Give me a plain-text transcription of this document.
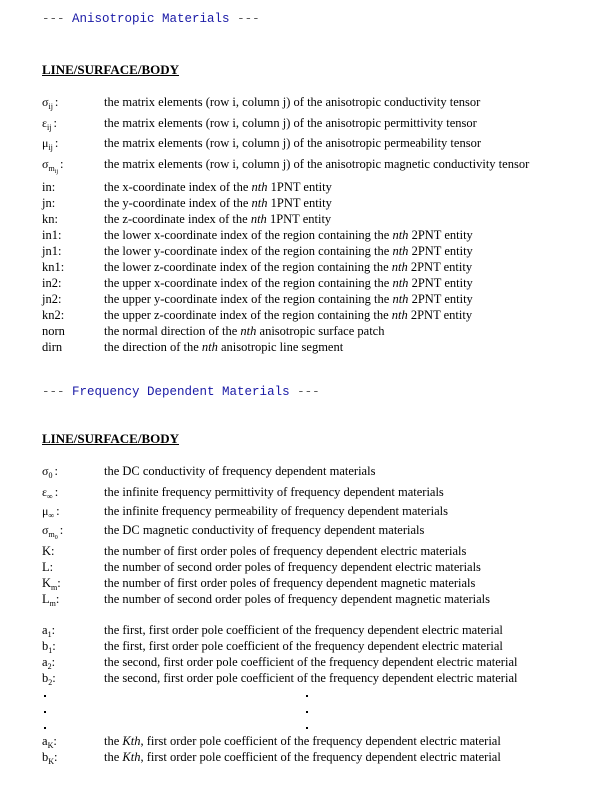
--- Anisotropic Materials ---
LINE/SURFACE/BODY
$\sigma_{ij}$ :	the matrix elements (row i, column j) of the anisotropic conductivity tensor
$\varepsilon_{ij}$ :	the matrix elements (row i, column j) of the anisotropic permittivity tensor
$\mu_{ij}$ :	the matrix elements (row i, column j) of the anisotropic permeability tensor
$\sigma_{m_{ij}}$:	the matrix elements (row i, column j) of the anisotropic magnetic conductivity tensor
in:	the x-coordinate index of the nth 1PNT entity
jn:	the y-coordinate index of the nth 1PNT entity
kn:	the z-coordinate index of the nth 1PNT entity
in1:	the lower x-coordinate index of the region containing the nth 2PNT entity
jn1:	the lower y-coordinate index of the region containing the nth 2PNT entity
kn1:	the lower z-coordinate index of the region containing the nth 2PNT entity
in2:	the upper x-coordinate index of the region containing the nth 2PNT entity
jn2:	the upper y-coordinate index of the region containing the nth 2PNT entity
kn2:	the upper z-coordinate index of the region containing the nth 2PNT entity
norn	the normal direction of the nth anisotropic surface patch
dirn	the direction of the nth anisotropic line segment
--- Frequency Dependent Materials ---
LINE/SURFACE/BODY
$\sigma_0$ :	the DC conductivity of frequency dependent materials
$\varepsilon_\infty$ :	the infinite frequency permittivity of frequency dependent materials
$\mu_\infty$ :	the infinite frequency permeability of frequency dependent materials
$\sigma_{m_0}$:	the DC magnetic conductivity of frequency dependent materials
K:	the number of first order poles of frequency dependent electric materials
L:	the number of second order poles of frequency dependent electric materials
$K_m$:	the number of first order poles of frequency dependent magnetic materials
$L_m$:	the number of second order poles of frequency dependent magnetic materials
$a_1$:	the first, first order pole coefficient of the frequency dependent electric material
$b_1$:	the first, first order pole coefficient of the frequency dependent electric material
$a_2$:	the second, first order pole coefficient of the frequency dependent electric material
$b_2$:	the second, first order pole coefficient of the frequency dependent electric material
$a_K$:	the Kth, first order pole coefficient of the frequency dependent electric material
$b_K$:	the Kth, first order pole coefficient of the frequency dependent electric material
